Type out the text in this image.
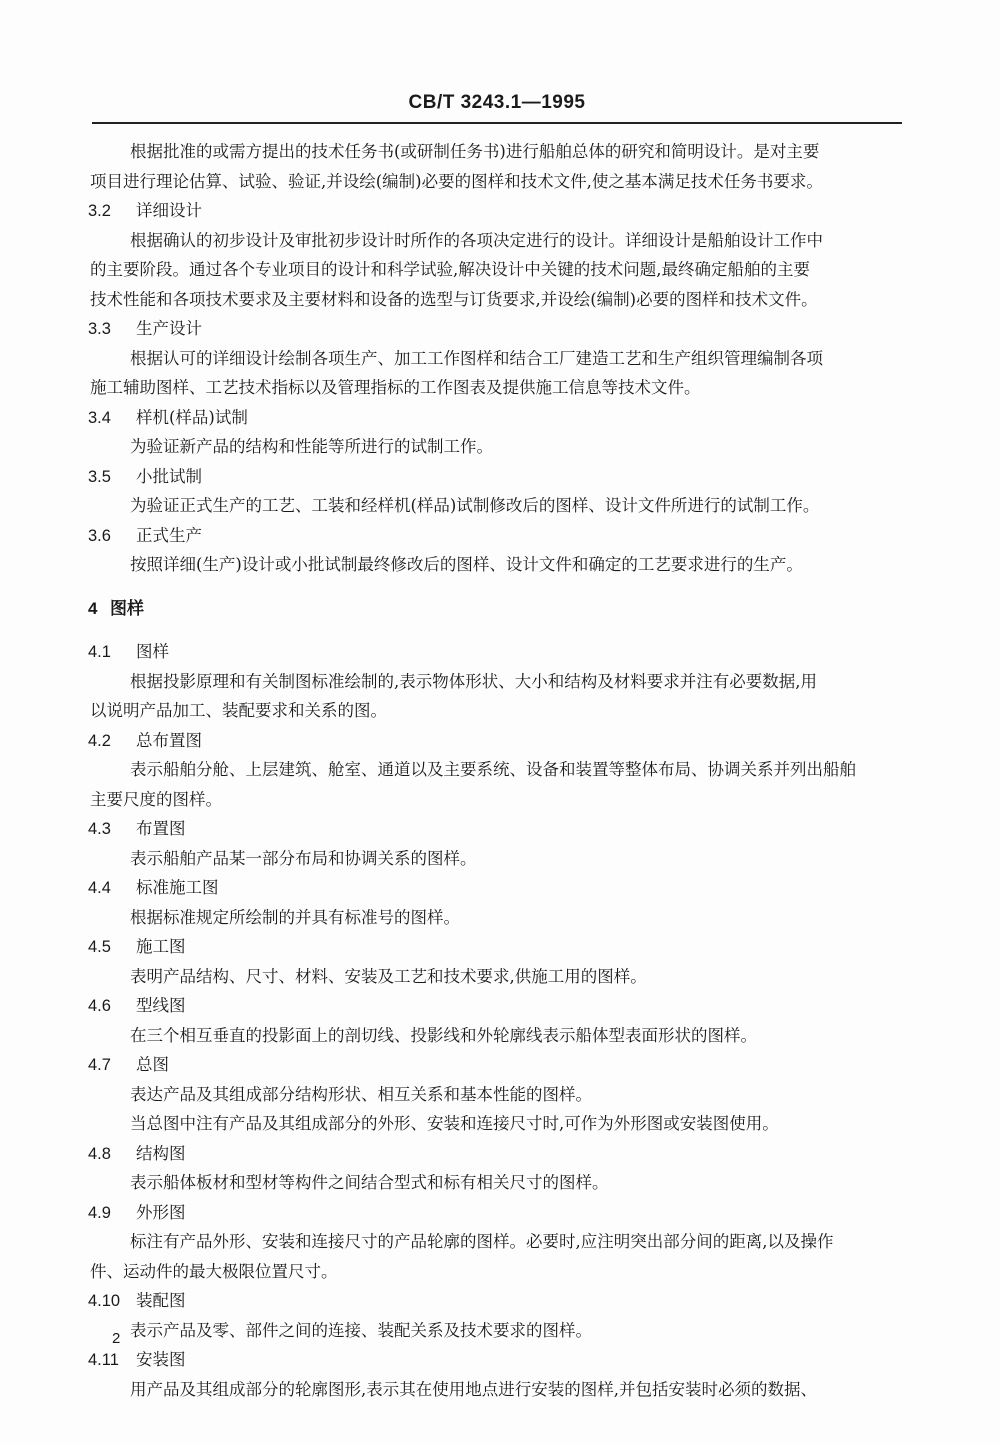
CB/T 3243.1—1995
根据批准的或需方提出的技术任务书(或研制任务书)进行船舶总体的研究和简明设计。是对主要
项目进行理论估算、试验、验证,并设绘(编制)必要的图样和技术文件,使之基本满足技术任务书要求。
3.2 详细设计
根据确认的初步设计及审批初步设计时所作的各项决定进行的设计。详细设计是船舶设计工作中
的主要阶段。通过各个专业项目的设计和科学试验,解决设计中关键的技术问题,最终确定船舶的主要
技术性能和各项技术要求及主要材料和设备的选型与订货要求,并设绘(编制)必要的图样和技术文件。
3.3 生产设计
根据认可的详细设计绘制各项生产、加工工作图样和结合工厂建造工艺和生产组织管理编制各项
施工辅助图样、工艺技术指标以及管理指标的工作图表及提供施工信息等技术文件。
3.4 样机(样品)试制
为验证新产品的结构和性能等所进行的试制工作。
3.5 小批试制
为验证正式生产的工艺、工装和经样机(样品)试制修改后的图样、设计文件所进行的试制工作。
3.6 正式生产
按照详细(生产)设计或小批试制最终修改后的图样、设计文件和确定的工艺要求进行的生产。
4 图样
4.1 图样
根据投影原理和有关制图标准绘制的,表示物体形状、大小和结构及材料要求并注有必要数据,用
以说明产品加工、装配要求和关系的图。
4.2 总布置图
表示船舶分舱、上层建筑、舱室、通道以及主要系统、设备和装置等整体布局、协调关系并列出船舶
主要尺度的图样。
4.3 布置图
表示船舶产品某一部分布局和协调关系的图样。
4.4 标准施工图
根据标准规定所绘制的并具有标准号的图样。
4.5 施工图
表明产品结构、尺寸、材料、安装及工艺和技术要求,供施工用的图样。
4.6 型线图
在三个相互垂直的投影面上的剖切线、投影线和外轮廓线表示船体型表面形状的图样。
4.7 总图
表达产品及其组成部分结构形状、相互关系和基本性能的图样。
当总图中注有产品及其组成部分的外形、安装和连接尺寸时,可作为外形图或安装图使用。
4.8 结构图
表示船体板材和型材等构件之间结合型式和标有相关尺寸的图样。
4.9 外形图
标注有产品外形、安装和连接尺寸的产品轮廓的图样。必要时,应注明突出部分间的距离,以及操作
件、运动件的最大极限位置尺寸。
4.10 装配图
表示产品及零、部件之间的连接、装配关系及技术要求的图样。
4.11 安装图
用产品及其组成部分的轮廓图形,表示其在使用地点进行安装的图样,并包括安装时必须的数据、
2
